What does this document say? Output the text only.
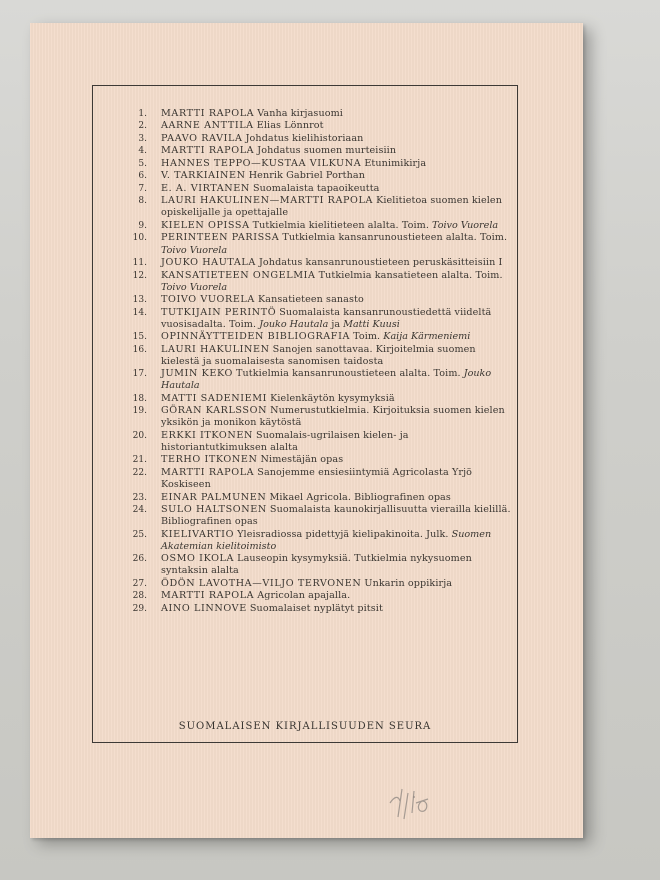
1. MARTTI RAPOLA Vanha kirjasuomi
2. AARNE ANTTILA Elias Lönnrot
3. PAAVO RAVILA Johdatus kielihistoriaan
4. MARTTI RAPOLA Johdatus suomen murteisiin
5. HANNES TEPPO—KUSTAA VILKUNA Etunimikirja
6. V. TARKIAINEN Henrik Gabriel Porthan
7. E. A. VIRTANEN Suomalaista tapaoikeutta
8. LAURI HAKULINEN—MARTTI RAPOLA Kielitietoa suomen kielen opiskelijalle ja opettajalle
9. KIELEN OPISSA Tutkielmia kielitieteen alalta. Toim. Toivo Vuorela
10. PERINTEEN PARISSA Tutkielmia kansanrunoustieteen alalta. Toim. Toivo Vuorela
11. JOUKO HAUTALA Johdatus kansanrunoustieteen peruskäsitteisiin I
12. KANSATIETEEN ONGELMIA Tutkielmia kansatieteen alalta. Toim. Toivo Vuorela
13. TOIVO VUORELA Kansatieteen sanasto
14. TUTKIJAIN PERINTÖ Suomalaista kansanrunoustiedettä viideltä vuosisadalta. Toim. Jouko Hautala ja Matti Kuusi
15. OPINNÄYTTEIDEN BIBLIOGRAFIA Toim. Kaija Kärmeniemi
16. LAURI HAKULINEN Sanojen sanottavaa. Kirjoitelmia suomen kielestä ja suomalaisesta sanomisen taidosta
17. JUMIN KEKO Tutkielmia kansanrunoustieteen alalta. Toim. Jouko Hautala
18. MATTI SADENIEMI Kielenkäytön kysymyksiä
19. GÖRAN KARLSSON Numerustutkielmia. Kirjoituksia suomen kielen yksikön ja monikon käytöstä
20. ERKKI ITKONEN Suomalais-ugrilaisen kielen- ja historiantutkimuksen alalta
21. TERHO ITKONEN Nimestäjän opas
22. MARTTI RAPOLA Sanojemme ensiesiintymiä Agricolasta Yrjö Koskiseen
23. EINAR PALMUNEN Mikael Agricola. Bibliografinen opas
24. SULO HALTSONEN Suomalaista kaunokirjallisuutta vierailla kielillä. Bibliografinen opas
25. KIELIVARTIO Yleisradiossa pidettyjä kielipakinoita. Julk. Suomen Akatemian kielitoimisto
26. OSMO IKOLA Lauseopin kysymyksiä. Tutkielmia nykysuomen syntaksin alalta
27. ÖDÖN LAVOTHA—VILJO TERVONEN Unkarin oppikirja
28. MARTTI RAPOLA Agricolan apajalla.
29. AINO LINNOVE Suomalaiset nyplätyt pitsit
SUOMALAISEN KIRJALLISUUDEN SEURA
